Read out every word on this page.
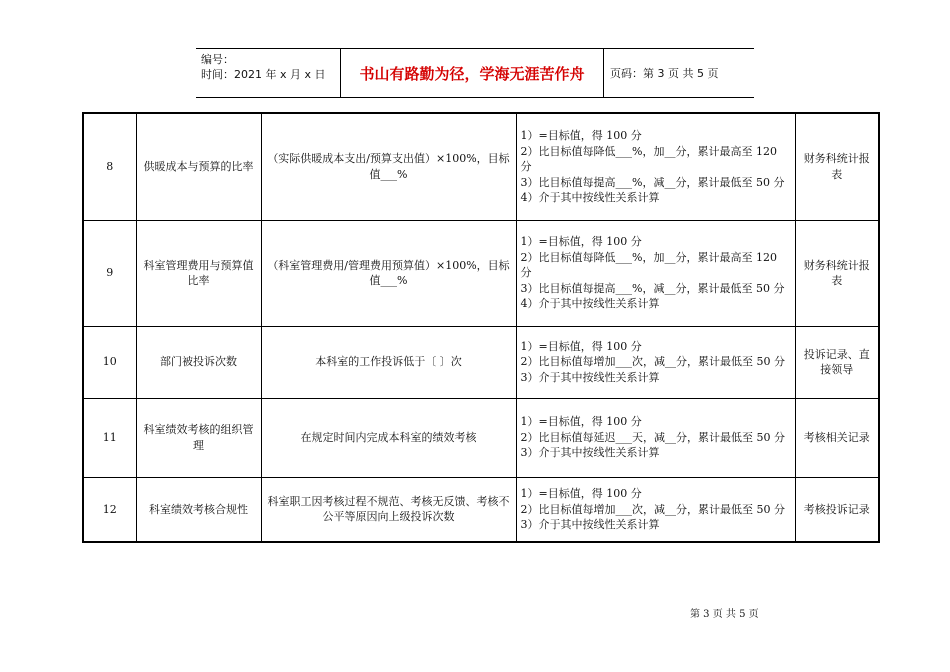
编号：
时间：2021 年 x 月 x 日	书山有路勤为径，学海无涯苦作舟	页码：第 3 页 共 5 页
8	供暖成本与预算的比率	（实际供暖成本支出/预算支出值）×100%，目标值___%	1）=目标值，得 100 分
2）比目标值每降低___%，加__分，累计最高至 120 分
3）比目标值每提高___%，减__分，累计最低至 50 分
4）介于其中按线性关系计算	财务科统计报表
9	科室管理费用与预算值比率	（科室管理费用/管理费用预算值）×100%，目标值___%	1）=目标值，得 100 分
2）比目标值每降低___%，加__分，累计最高至 120 分
3）比目标值每提高___%，减__分，累计最低至 50 分
4）介于其中按线性关系计算	财务科统计报表
10	部门被投诉次数	本科室的工作投诉低于〔 〕次	1）=目标值，得 100 分
2）比目标值每增加___次，减__分，累计最低至 50 分
3）介于其中按线性关系计算	投诉记录、直接领导
11	科室绩效考核的组织管理	在规定时间内完成本科室的绩效考核	1）=目标值，得 100 分
2）比目标值每延迟___天，减__分，累计最低至 50 分
3）介于其中按线性关系计算	考核相关记录
12	科室绩效考核合规性	科室职工因考核过程不规范、考核无反馈、考核不公平等原因向上级投诉次数	1）=目标值，得 100 分
2）比目标值每增加___次，减__分，累计最低至 50 分
3）介于其中按线性关系计算	考核投诉记录
第 3 页 共 5 页
